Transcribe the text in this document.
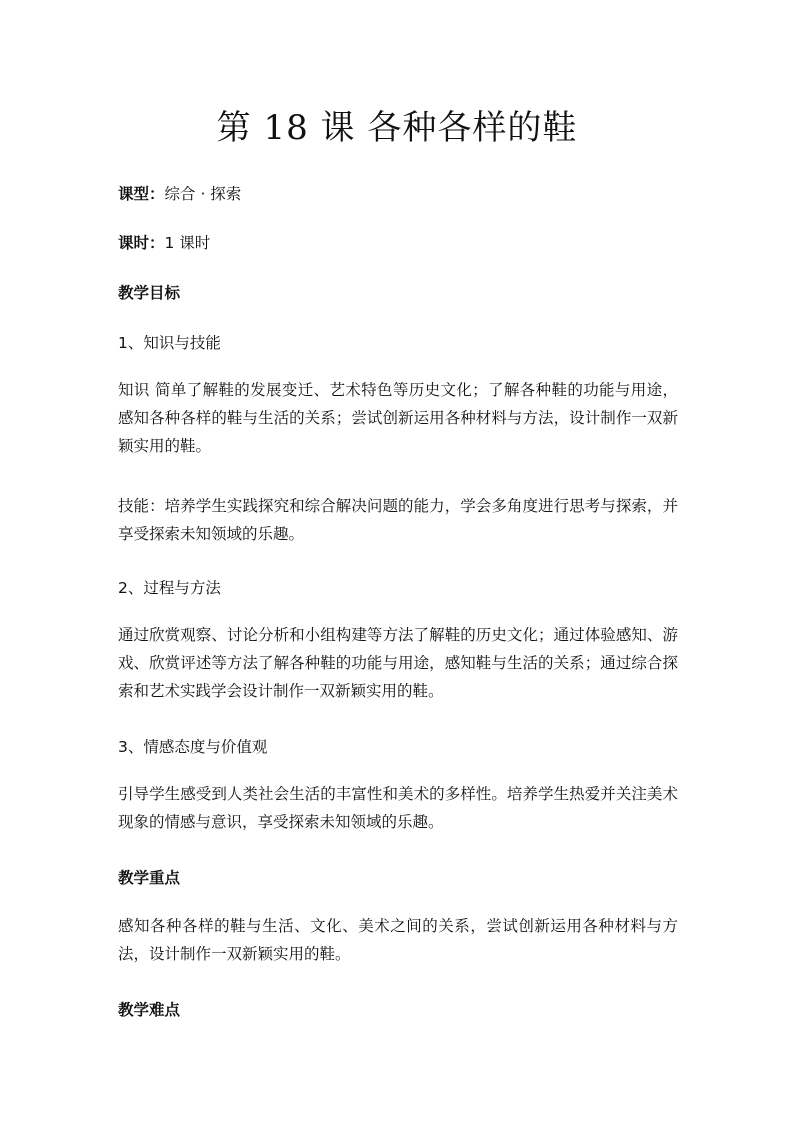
第 18 课 各种各样的鞋
课型：综合 · 探索
课时：1 课时
教学目标
1、知识与技能
知识 简单了解鞋的发展变迁、艺术特色等历史文化；了解各种鞋的功能与用途，感知各种各样的鞋与生活的关系；尝试创新运用各种材料与方法，设计制作一双新颖实用的鞋。
技能：培养学生实践探究和综合解决问题的能力，学会多角度进行思考与探索，并享受探索未知领域的乐趣。
2、过程与方法
通过欣赏观察、讨论分析和小组构建等方法了解鞋的历史文化；通过体验感知、游戏、欣赏评述等方法了解各种鞋的功能与用途，感知鞋与生活的关系；通过综合探索和艺术实践学会设计制作一双新颖实用的鞋。
3、情感态度与价值观
引导学生感受到人类社会生活的丰富性和美术的多样性。培养学生热爱并关注美术现象的情感与意识，享受探索未知领域的乐趣。
教学重点
感知各种各样的鞋与生活、文化、美术之间的关系，尝试创新运用各种材料与方法，设计制作一双新颖实用的鞋。
教学难点
